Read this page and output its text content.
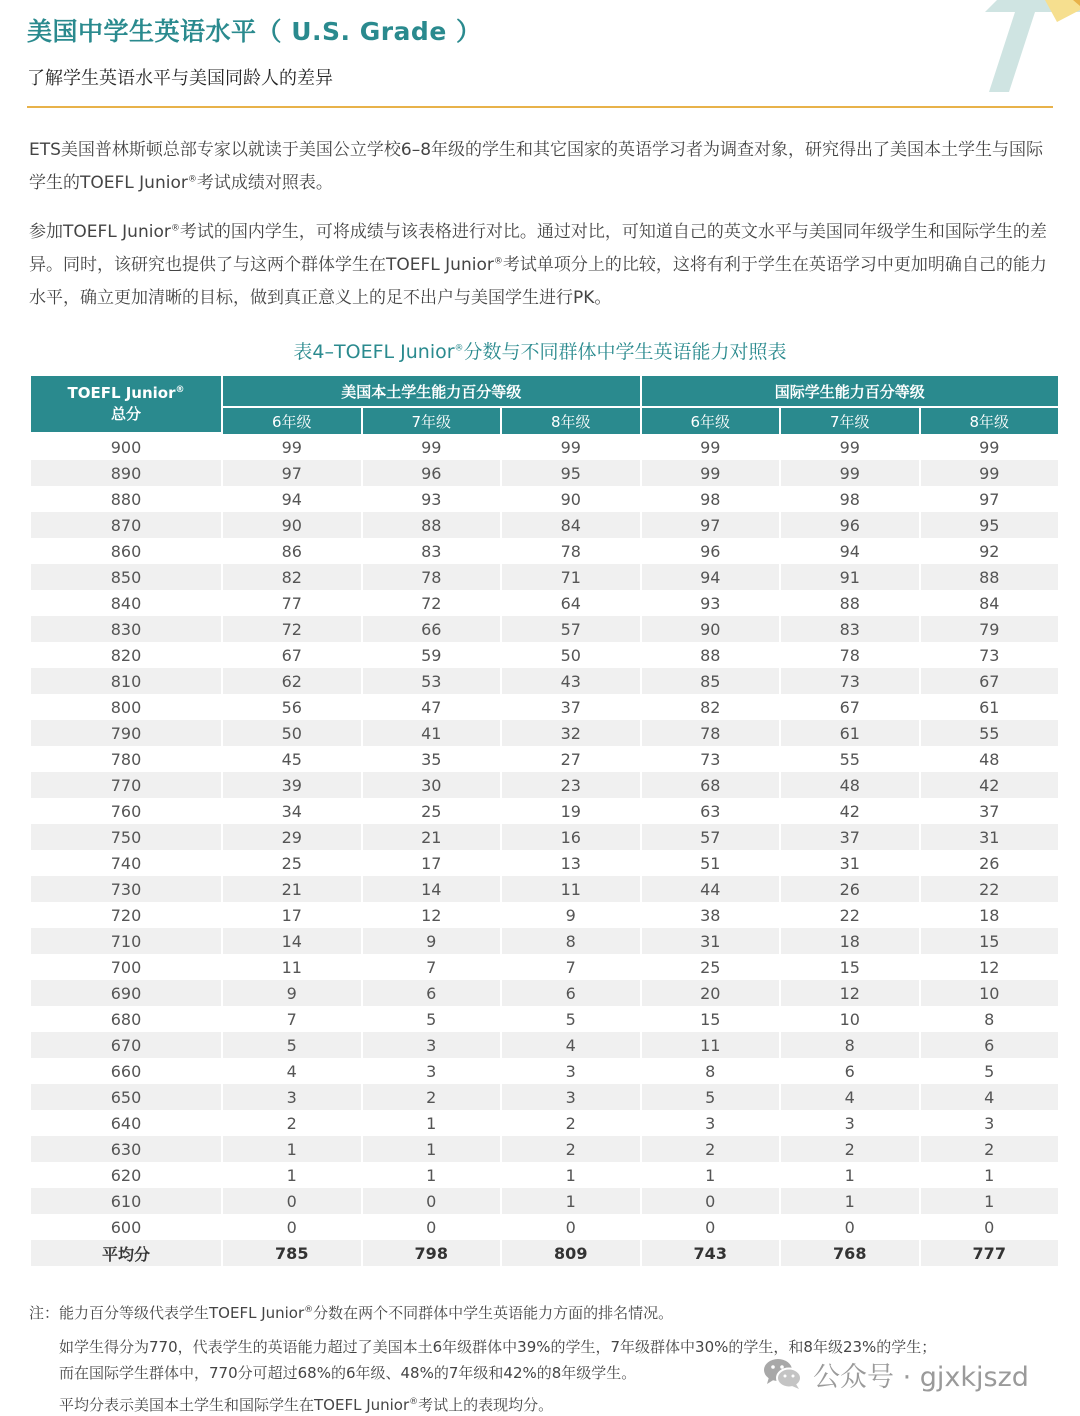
美国中学生英语水平（ U.S. Grade ）
了解学生英语水平与美国同龄人的差异

ETS美国普林斯顿总部专家以就读于美国公立学校6–8年级的学生和其它国家的英语学习者为调查对象，研究得出了美国本土学生与国际学生的TOEFL Junior®考试成绩对照表。

参加TOEFL Junior®考试的国内学生，可将成绩与该表格进行对比。通过对比，可知道自己的英文水平与美国同年级学生和国际学生的差异。同时，该研究也提供了与这两个群体学生在TOEFL Junior®考试单项分上的比较，这将有利于学生在英语学习中更加明确自己的能力水平，确立更加清晰的目标，做到真正意义上的足不出户与美国学生进行PK。

表4–TOEFL Junior®分数与不同群体中学生英语能力对照表
TOEFL Junior®
总分	美国本土学生能力百分等级			国际学生能力百分等级		
	6年级	7年级	8年级	6年级	7年级	8年级
900	99	99	99	99	99	99
890	97	96	95	99	99	99
880	94	93	90	98	98	97
870	90	88	84	97	96	95
860	86	83	78	96	94	92
850	82	78	71	94	91	88
840	77	72	64	93	88	84
830	72	66	57	90	83	79
820	67	59	50	88	78	73
810	62	53	43	85	73	67
800	56	47	37	82	67	61
790	50	41	32	78	61	55
780	45	35	27	73	55	48
770	39	30	23	68	48	42
760	34	25	19	63	42	37
750	29	21	16	57	37	31
740	25	17	13	51	31	26
730	21	14	11	44	26	22
720	17	12	9	38	22	18
710	14	9	8	31	18	15
700	11	7	7	25	15	12
690	9	6	6	20	12	10
680	7	5	5	15	10	8
670	5	3	4	11	8	6
660	4	3	3	8	6	5
650	3	2	3	5	4	4
640	2	1	2	3	3	3
630	1	1	2	2	2	2
620	1	1	1	1	1	1
610	0	0	1	0	1	1
600	0	0	0	0	0	0
平均分	785	798	809	743	768	777
注：能力百分等级代表学生TOEFL Junior®分数在两个不同群体中学生英语能力方面的排名情况。
如学生得分为770，代表学生的英语能力超过了美国本土6年级群体中39%的学生，7年级群体中30%的学生，和8年级23%的学生；
而在国际学生群体中，770分可超过68%的6年级、48%的7年级和42%的8年级学生。
平均分表示美国本土学生和国际学生在TOEFL Junior®考试上的表现均分。
公众号 · gjxkjszd
